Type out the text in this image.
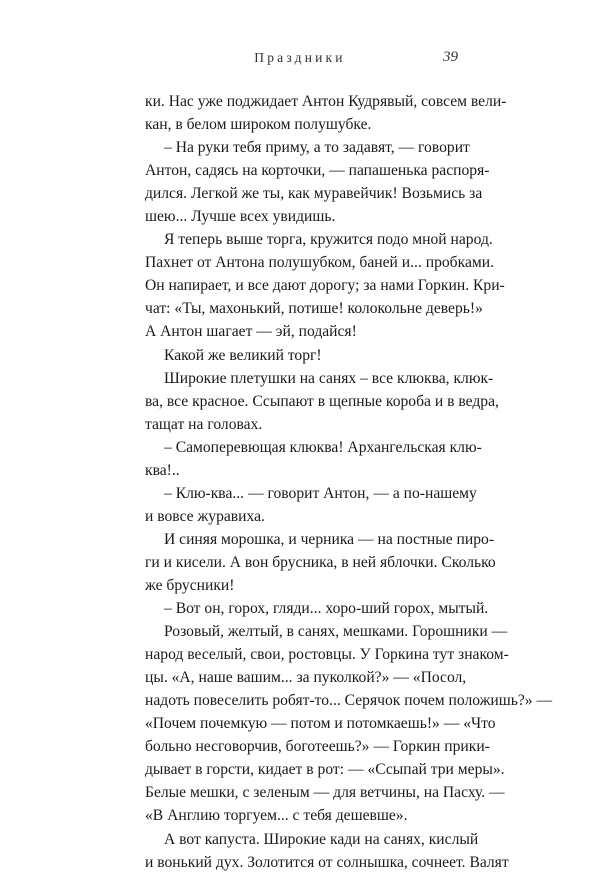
Праздники	39
ки. Нас уже поджидает Антон Кудрявый, совсем вели-
кан, в белом широком полушубке.
– На руки тебя приму, а то задавят, — говорит
Антон, садясь на корточки, — папашенька распоря-
дился. Легкой же ты, как муравейчик! Возьмись за
шею... Лучше всех увидишь.
Я теперь выше торга, кружится подо мной народ.
Пахнет от Антона полушубком, баней и... пробками.
Он напирает, и все дают дорогу; за нами Горкин. Кри-
чат: «Ты, махонький, потише! колокольне деверь!»
А Антон шагает — эй, подайся!
Какой же великий торг!
Широкие плетушки на санях – все клюква, клюк-
ва, все красное. Ссыпают в щепные короба и в ведра,
тащат на головах.
– Самоперевющая клюква! Архангельская клю-
ква!..
– Клю-ква... — говорит Антон, — а по-нашему
и вовсе журавиха.
И синяя морошка, и черника — на постные пиро-
ги и кисели. А вон брусника, в ней яблочки. Сколько
же брусники!
– Вот он, горох, гляди... хоро-ший горох, мытый.
Розовый, желтый, в санях, мешками. Горошники —
народ веселый, свои, ростовцы. У Горкина тут знаком-
цы. «А, наше вашим... за пуколкой?» — «Посол,
надоть повеселить робят-то... Серячок почем положишь?» —
«Почем почемкую — потом и потомкаешь!» — «Что
больно несговорчив, боготеешь?» — Горкин прики-
дывает в горсти, кидает в рот: — «Ссыпай три меры».
Белые мешки, с зеленым — для ветчины, на Пасху. —
«В Англию торгуем... с тебя дешевше».
А вот капуста. Широкие кади на санях, кислый
и вонький дух. Золотится от солнышка, сочнеет. Валят
